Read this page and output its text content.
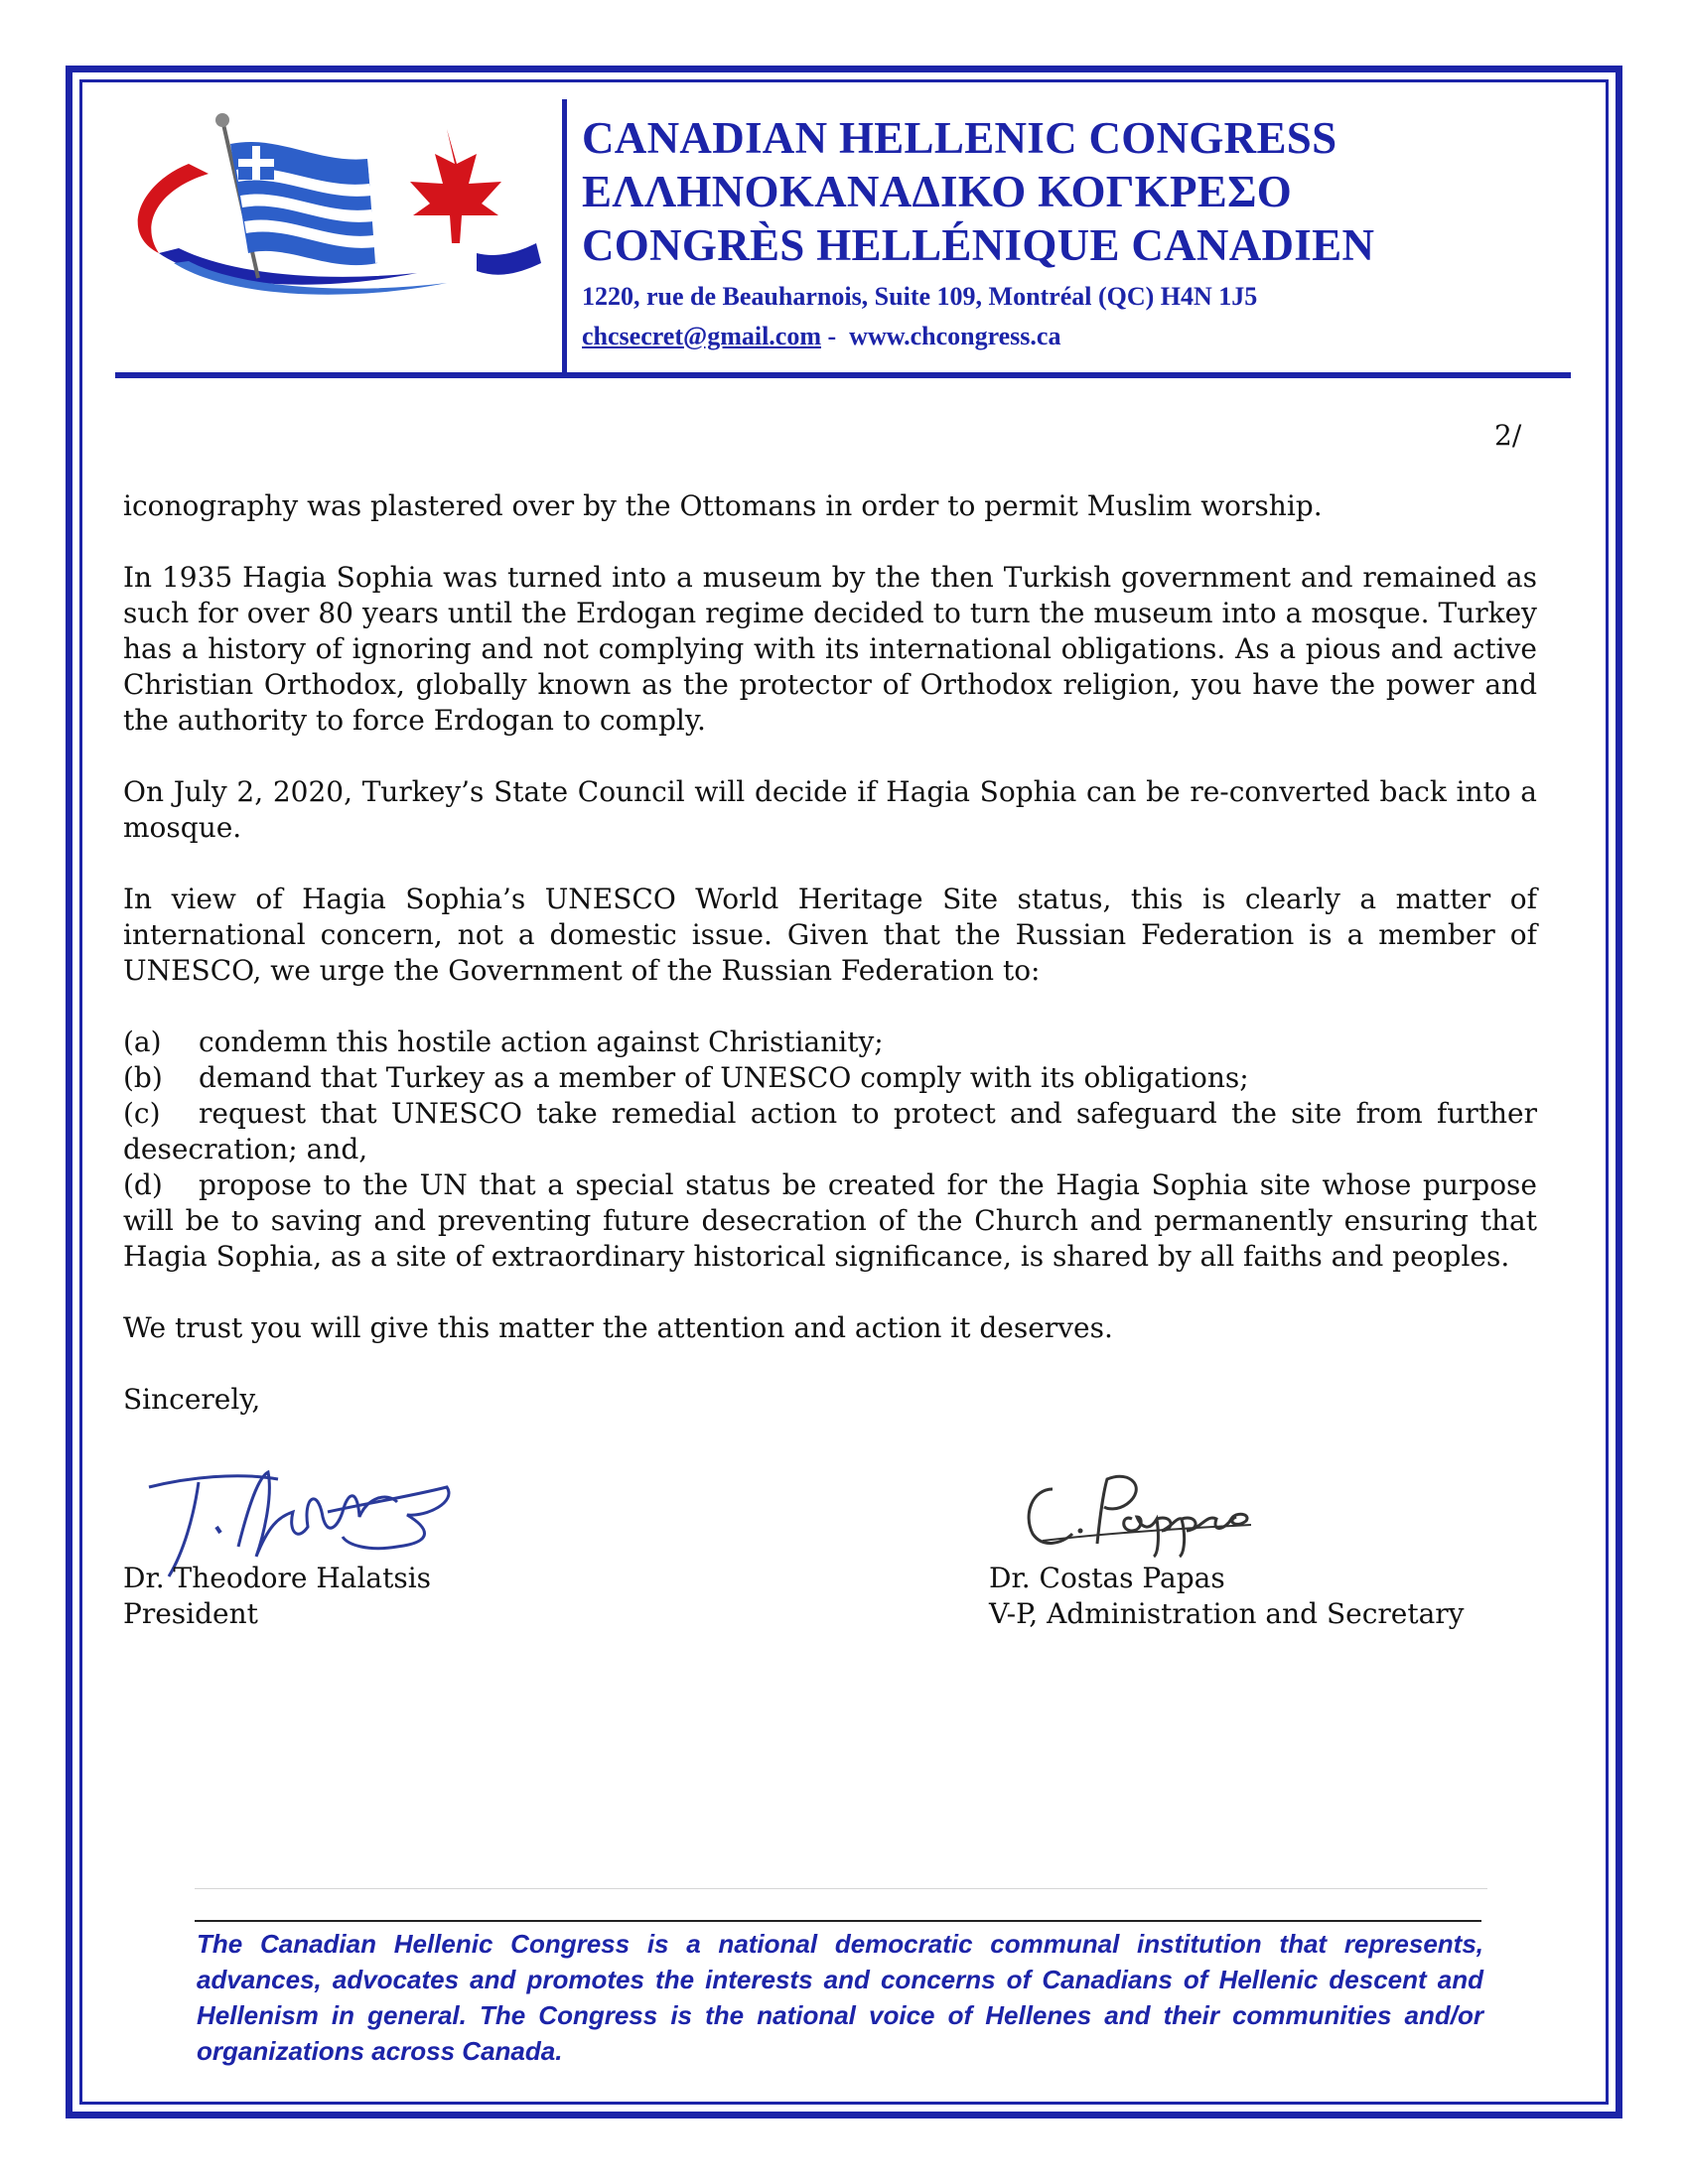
CANADIAN HELLENIC CONGRESS
ΕΛΛΗΝΟΚΑΝΑΔΙΚΟ ΚΟΓΚΡΕΣΟ
CONGRÈS HELLÉNIQUE CANADIEN
1220, rue de Beauharnois, Suite 109, Montréal (QC) H4N 1J5
chcsecret@gmail.com -  www.chcongress.ca
2/

iconography was plastered over by the Ottomans in order to permit Muslim worship.

In 1935 Hagia Sophia was turned into a museum by the then Turkish government and remained as such for over 80 years until the Erdogan regime decided to turn the museum into a mosque. Turkey has a history of ignoring and not complying with its international obligations. As a pious and active Christian Orthodox, globally known as the protector of Orthodox religion, you have the power and the authority to force Erdogan to comply.

On July 2, 2020, Turkey’s State Council will decide if Hagia Sophia can be re-converted back into a mosque.

In view of Hagia Sophia’s UNESCO World Heritage Site status, this is clearly a matter of international concern, not a domestic issue. Given that the Russian Federation is a member of UNESCO, we urge the Government of the Russian Federation to:

(a) condemn this hostile action against Christianity;
(b) demand that Turkey as a member of UNESCO comply with its obligations;
(c) request that UNESCO take remedial action to protect and safeguard the site from further desecration; and,
(d) propose to the UN that a special status be created for the Hagia Sophia site whose purpose will be to saving and preventing future desecration of the Church and permanently ensuring that Hagia Sophia, as a site of extraordinary historical significance, is shared by all faiths and peoples.

We trust you will give this matter the attention and action it deserves.

Sincerely,

Dr. Theodore Halatsis
President
Dr. Costas Papas
V-P, Administration and Secretary
The Canadian Hellenic Congress is a national democratic communal institution that represents, advances, advocates and promotes the interests and concerns of Canadians of Hellenic descent and Hellenism in general. The Congress is the national voice of Hellenes and their communities and/or organizations across Canada.
